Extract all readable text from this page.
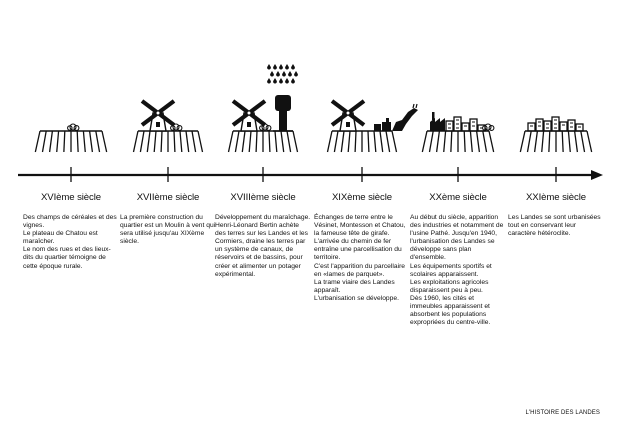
XVIème siècle
Des champs de céréales et des vignes.
Le plateau de Chatou est maraîcher.
Le nom des rues et des lieux-dits du quartier témoigne de cette époque rurale.
XVIIème siècle
La première construction du quartier est un Moulin à vent qui sera utilisé jusqu'au XIXème siècle.
XVIIIème siècle
Développement du maraîchage.
Henri-Léonard Bertin achète des terres sur les Landes et les Cormiers, draine les terres par un système de canaux, de réservoirs et de bassins, pour créer et alimenter un potager expérimental.
XIXème siècle
Échanges de terre entre le Vésinet, Montesson et Chatou, la fameuse tête de girafe.
L'arrivée du chemin de fer entraîne une parcellisation du territoire.
C'est l'apparition du parcellaire en «lames de parquet».
La trame viaire des Landes apparaît.
L'urbanisation se développe.
XXème siècle
Au début du siècle, apparition des industries et notamment de l'usine Pathé. Jusqu'en 1940, l'urbanisation des Landes se développe sans plan d'ensemble.
Les équipements sportifs et scolaires apparaissent.
Les exploitations agricoles disparaissent peu à peu.
Dès 1960, les cités et immeubles apparaissent et absorbent les populations expropriées du centre-ville.
XXIème siècle
Les Landes se sont urbanisées tout en conservant leur caractère hétéroclite.
L'HISTOIRE DES LANDES
